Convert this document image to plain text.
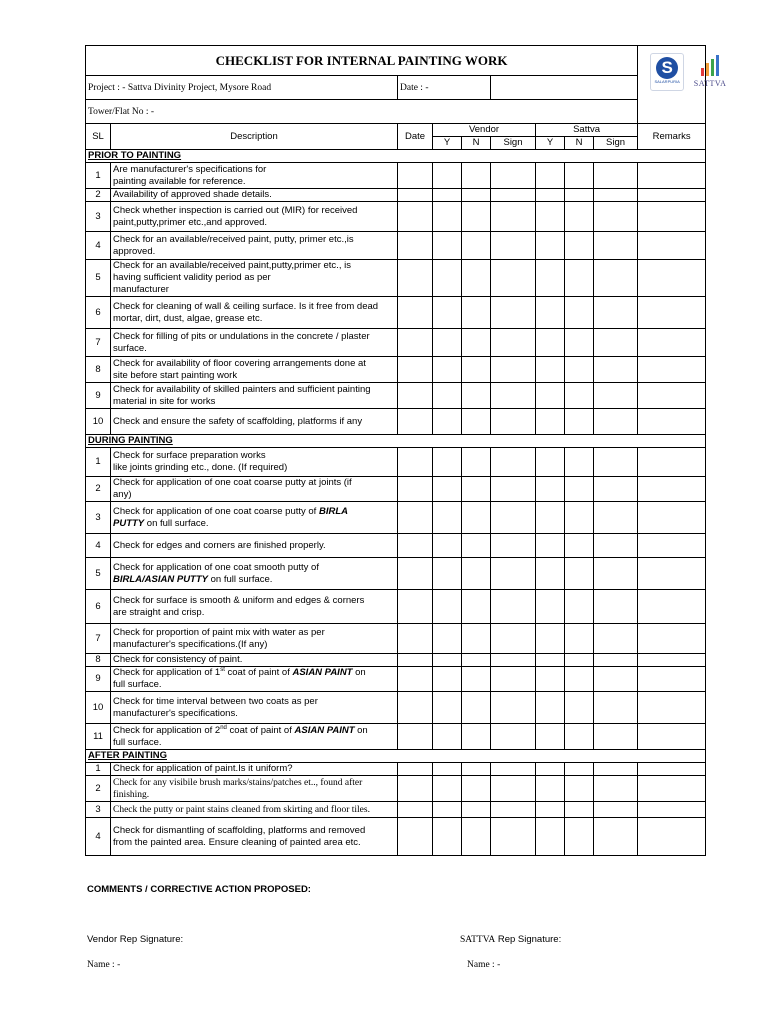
CHECKLIST FOR INTERNAL PAINTING WORK									S
SALARPURIA SATTVA

Project : - Sattva Divinity Project, Mysore Road		Date : -							
Tower/Flat No : -									
SL	Description	Date	Vendor			Sattva			Remarks
			Y	N	Sign	Y	N	Sign	
PRIOR TO PAINTING									
1	Are manufacturer's specifications for
painting available for reference.								
2	Availability of approved shade details.								
3	Check whether inspection is carried out (MIR) for received
paint,putty,primer etc.,and approved.								
4	Check for an available/received paint, putty, primer etc.,is
approved.								
5	Check for an available/received paint,putty,primer etc., is
having sufficient validity period as per
manufacturer								
6	Check for cleaning of wall & ceiling surface. Is it free from dead
mortar, dirt, dust, algae, grease etc.								
7	Check for filling of pits or undulations in the concrete / plaster
surface.								
8	Check for availability of floor covering arrangements done at
site before start painting work								
9	Check for availability of skilled painters and sufficient painting
material in site for works								
10	Check and ensure the safety of scaffolding, platforms if any								
DURING PAINTING									
1	Check for surface preparation works
like joints grinding etc., done. (If required)								
2	Check for application of one coat coarse putty at joints (if
any)								
3	Check for application of one coat coarse putty of BIRLA
PUTTY on full surface.								
4	Check for edges and corners are finished properly.								
5	Check for application of one coat smooth putty of
BIRLA/ASIAN PUTTY on full surface.								
6	Check for surface is smooth & uniform and edges & corners
are straight and crisp.								
7	Check for proportion of paint mix with water as per
manufacturer's specifications.(If any)								
8	Check for consistency of paint.								
9	Check for application of 1st coat of paint of ASIAN PAINT on
full surface.								
10	Check for time interval between two coats as per
manufacturer's specifications.								
11	Check for application of 2nd coat of paint of ASIAN PAINT on
full surface.								
AFTER PAINTING									
1	Check for application of paint.Is it uniform?								
2	Check for any visibile brush marks/stains/patches et.., found after
finishing.								
3	Check the putty or paint stains cleaned from skirting and floor tiles.								
4	Check for dismantling of scaffolding, platforms and removed
from the painted area. Ensure cleaning of painted area etc.								
COMMENTS / CORRECTIVE ACTION PROPOSED:
Vendor Rep Signature:	SATTVA Rep Signature:
Name : -	Name : -
